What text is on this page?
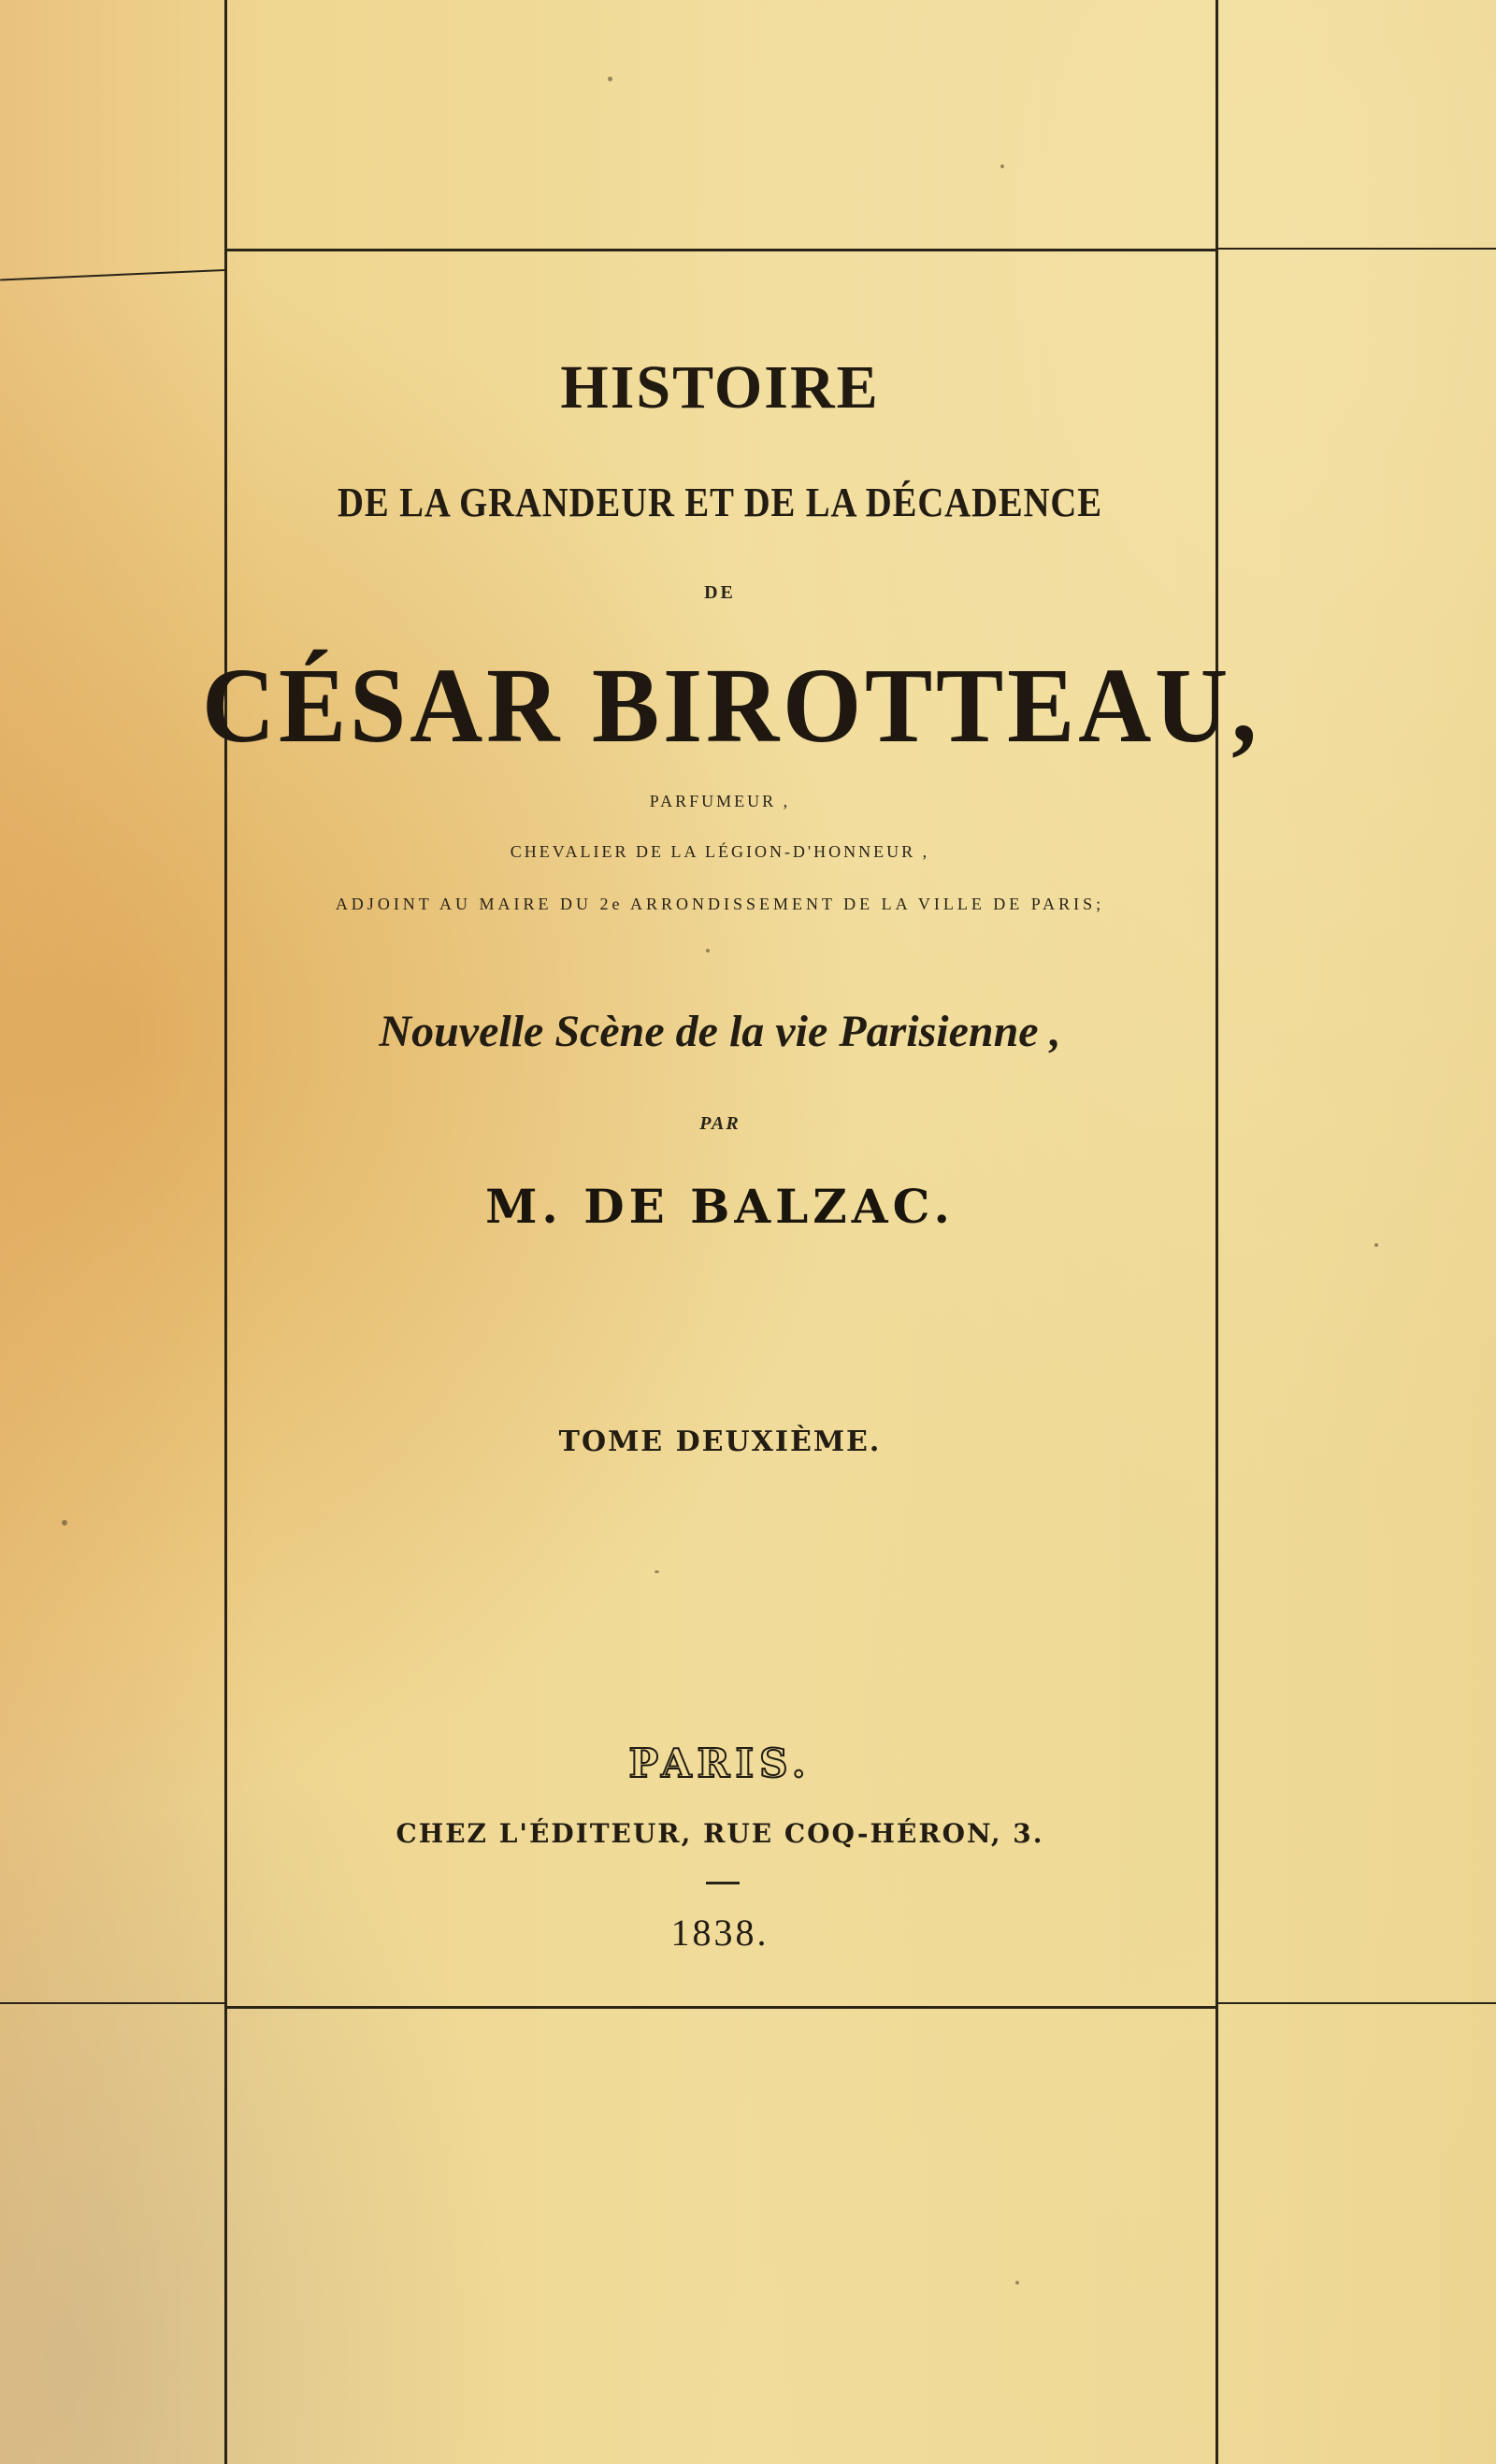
HISTOIRE
DE LA GRANDEUR ET DE LA DÉCADENCE
DE
CÉSAR BIROTTEAU,
PARFUMEUR ,
CHEVALIER DE LA LÉGION-D'HONNEUR ,
ADJOINT AU MAIRE DU 2e ARRONDISSEMENT DE LA VILLE DE PARIS;
Nouvelle Scène de la vie Parisienne ,
PAR
M. DE BALZAC.
TOME DEUXIÈME.
PARIS.
CHEZ L'ÉDITEUR, RUE COQ-HÉRON, 3.
1838.
